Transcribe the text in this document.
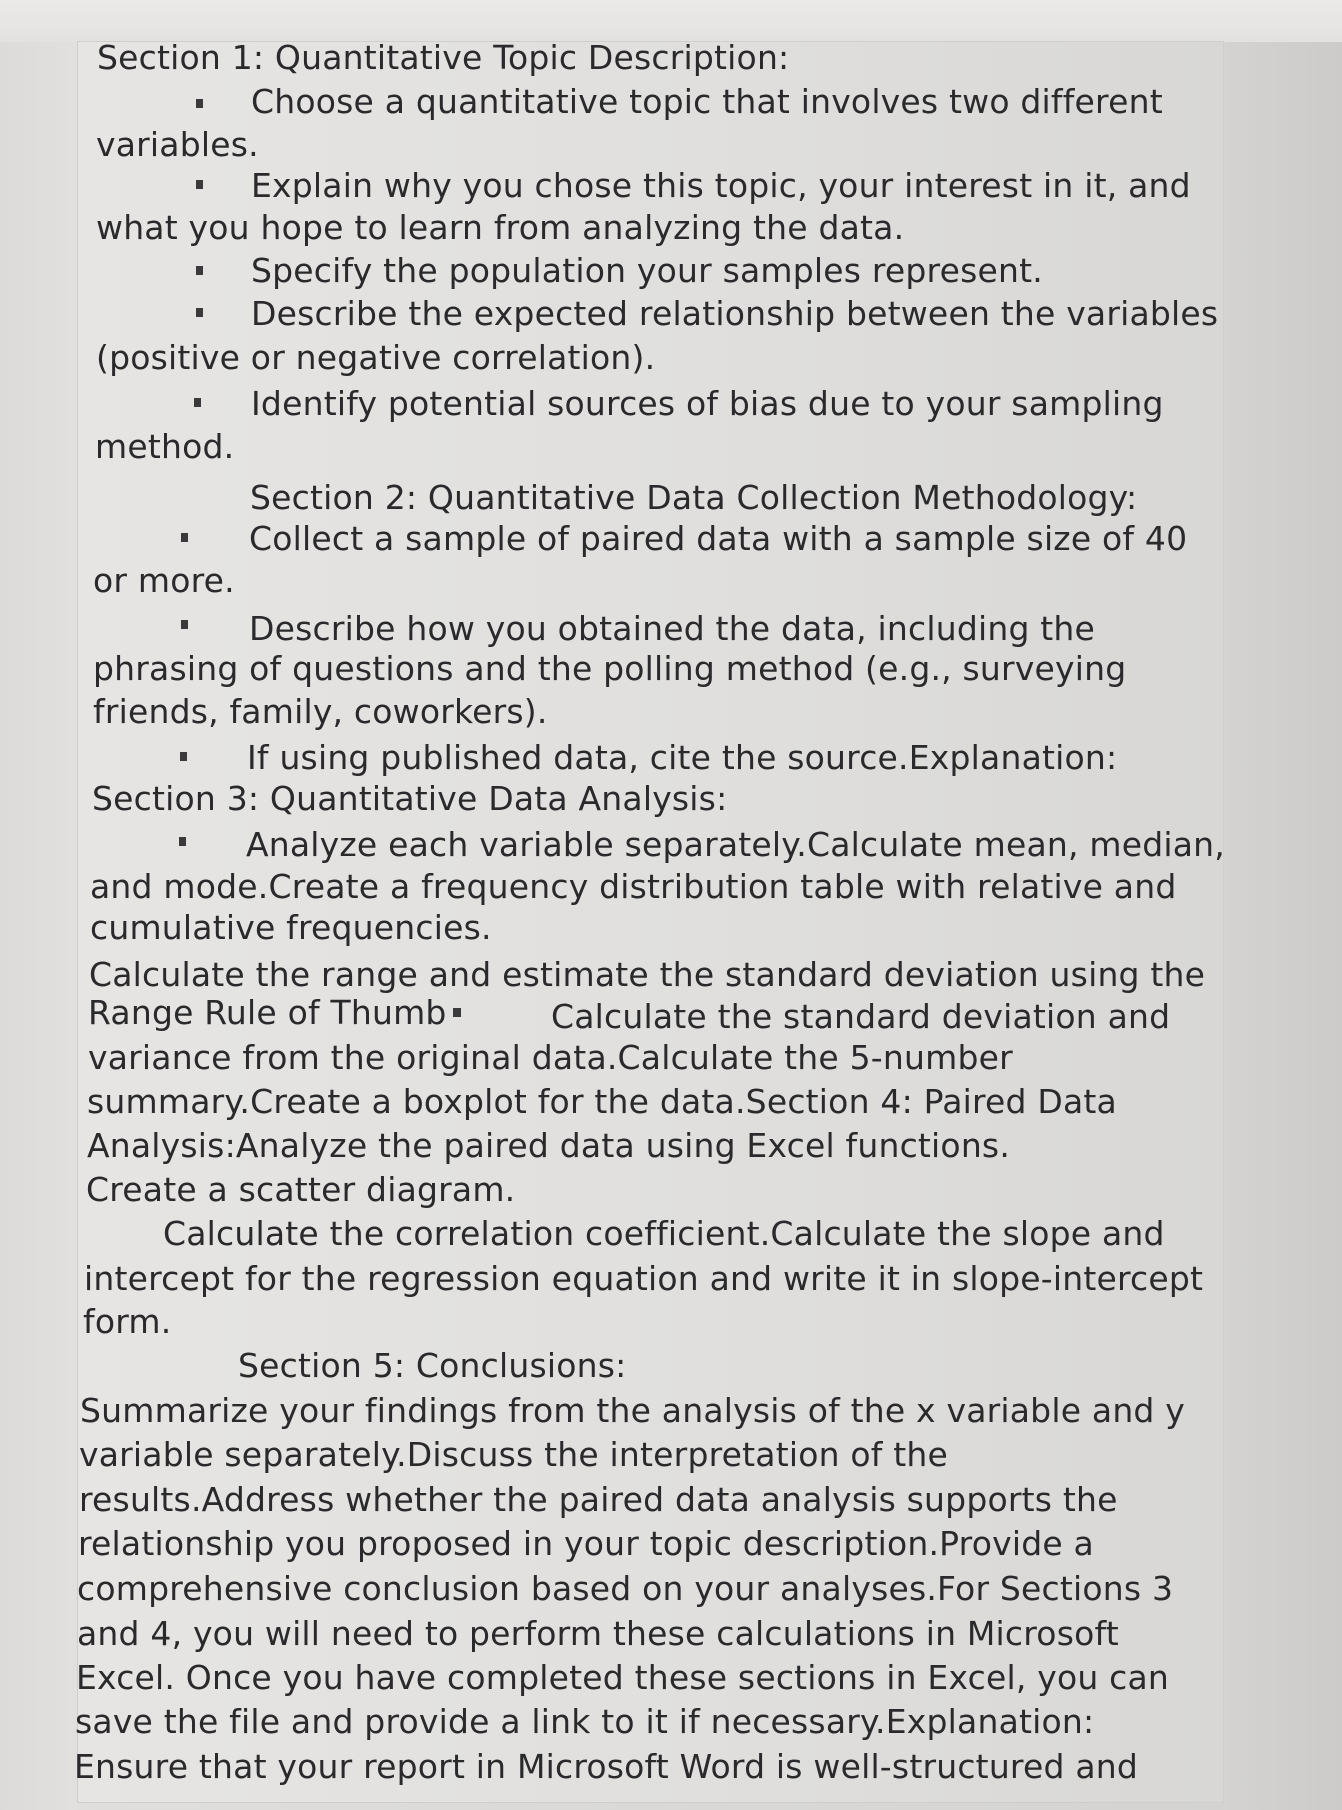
Section 1: Quantitative Topic Description:
Choose a quantitative topic that involves two different
variables.
Explain why you chose this topic, your interest in it, and
what you hope to learn from analyzing the data.
Specify the population your samples represent.
Describe the expected relationship between the variables
(positive or negative correlation).
Identify potential sources of bias due to your sampling
method.
Section 2: Quantitative Data Collection Methodology:
Collect a sample of paired data with a sample size of 40
or more.
Describe how you obtained the data, including the
phrasing of questions and the polling method (e.g., surveying
friends, family, coworkers).
If using published data, cite the source.Explanation:
Section 3: Quantitative Data Analysis:
Analyze each variable separately.Calculate mean, median,
and mode.Create a frequency distribution table with relative and
cumulative frequencies.
Calculate the range and estimate the standard deviation using the
Range Rule of Thumb	Calculate the standard deviation and
variance from the original data.Calculate the 5-number
summary.Create a boxplot for the data.Section 4: Paired Data
Analysis:Analyze the paired data using Excel functions.
Create a scatter diagram.
Calculate the correlation coefficient.Calculate the slope and
intercept for the regression equation and write it in slope-intercept
form.
Section 5: Conclusions:
Summarize your findings from the analysis of the x variable and y
variable separately.Discuss the interpretation of the
results.Address whether the paired data analysis supports the
relationship you proposed in your topic description.Provide a
comprehensive conclusion based on your analyses.For Sections 3
and 4, you will need to perform these calculations in Microsoft
Excel. Once you have completed these sections in Excel, you can
save the file and provide a link to it if necessary.Explanation:
Ensure that your report in Microsoft Word is well-structured and
